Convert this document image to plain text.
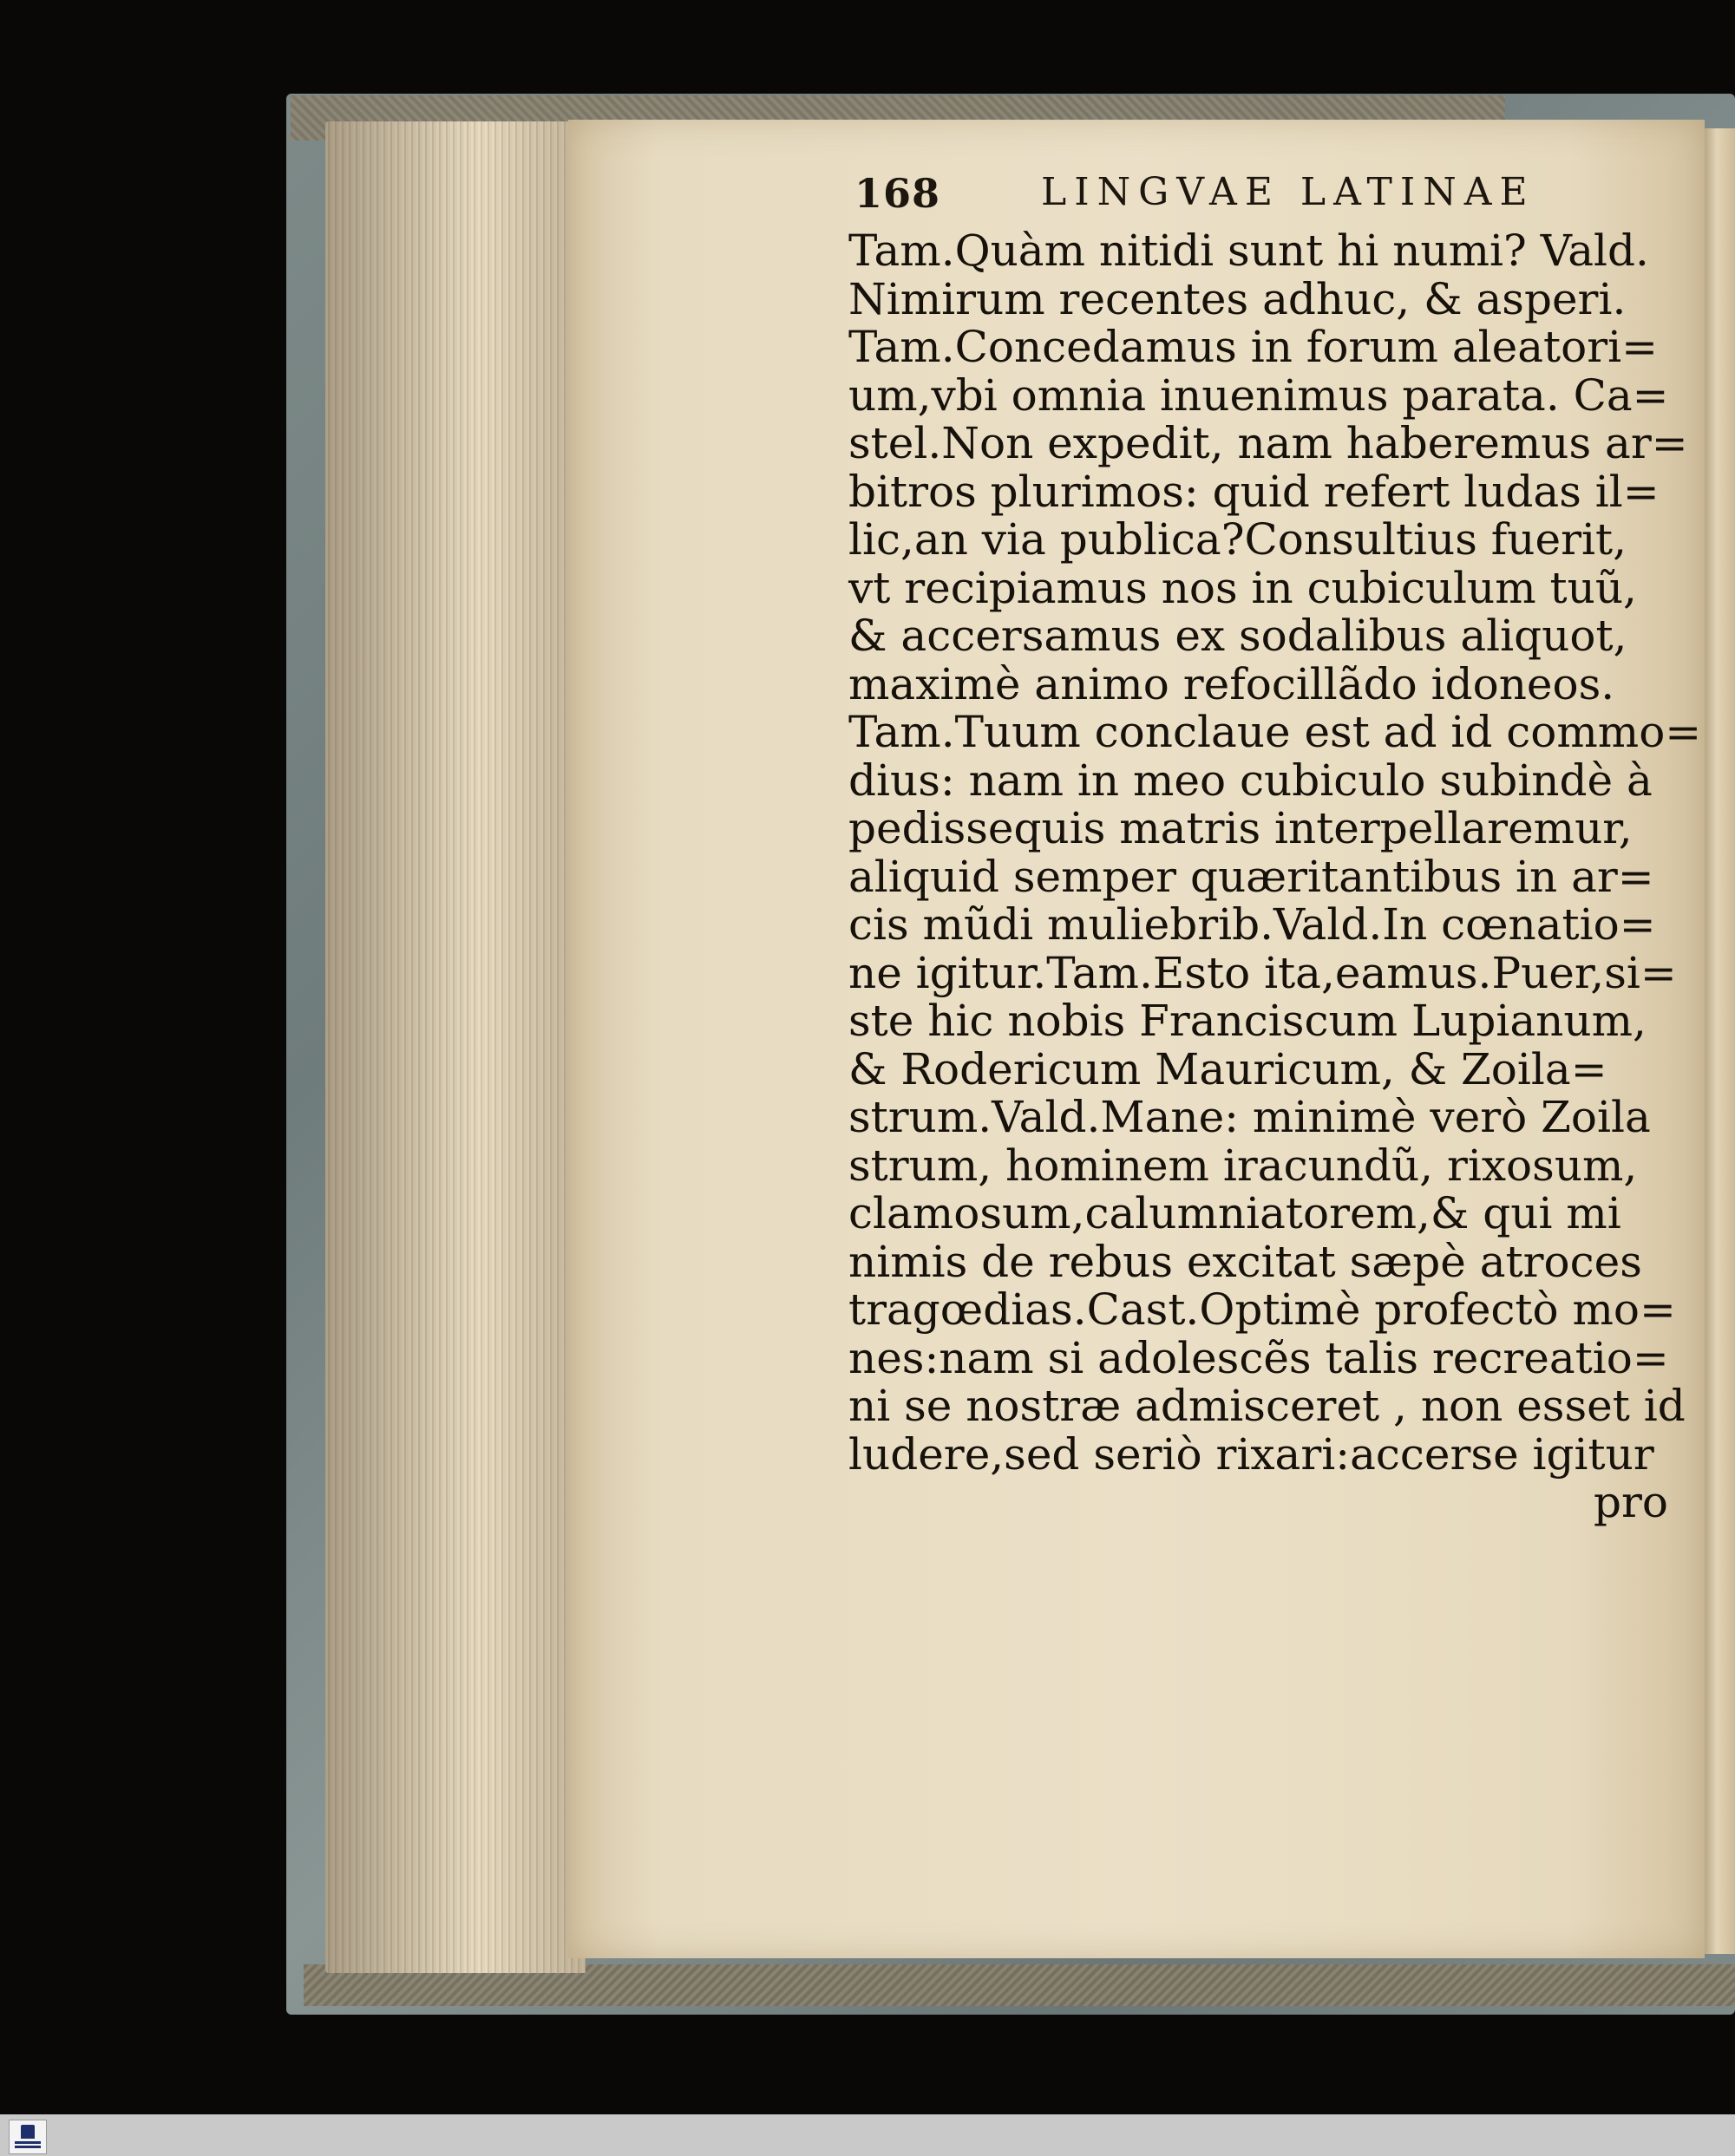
168	LINGVAE LATINAE
Tam.Quàm nitidi sunt hi numi? Vald.
Nimirum recentes adhuc, & asperi.
Tam.Concedamus in forum aleatori=
um,vbi omnia inuenimus parata. Ca=
stel.Non expedit, nam haberemus ar=
bitros plurimos: quid refert ludas il=
lic,an via publica?Consultius fuerit,
vt recipiamus nos in cubiculum tuũ,
& accersamus ex sodalibus aliquot,
maximè animo refocillãdo idoneos.
Tam.Tuum conclaue est ad id commo=
dius: nam in meo cubiculo subindè à
pedissequis matris interpellaremur,
aliquid semper quæritantibus in ar=
cis mũdi muliebrib.Vald.In cœnatio=
ne igitur.Tam.Esto ita,eamus.Puer,si=
ste hic nobis Franciscum Lupianum,
& Rodericum Mauricum, & Zoila=
strum.Vald.Mane: minimè verò Zoila
strum, hominem iracundũ, rixosum,
clamosum,calumniatorem,& qui mi
nimis de rebus excitat sæpè atroces
tragœdias.Cast.Optimè profectò mo=
nes:nam si adolescẽs talis recreatio=
ni se nostræ admisceret , non esset id
ludere,sed seriò rixari:accerse igitur
pro
